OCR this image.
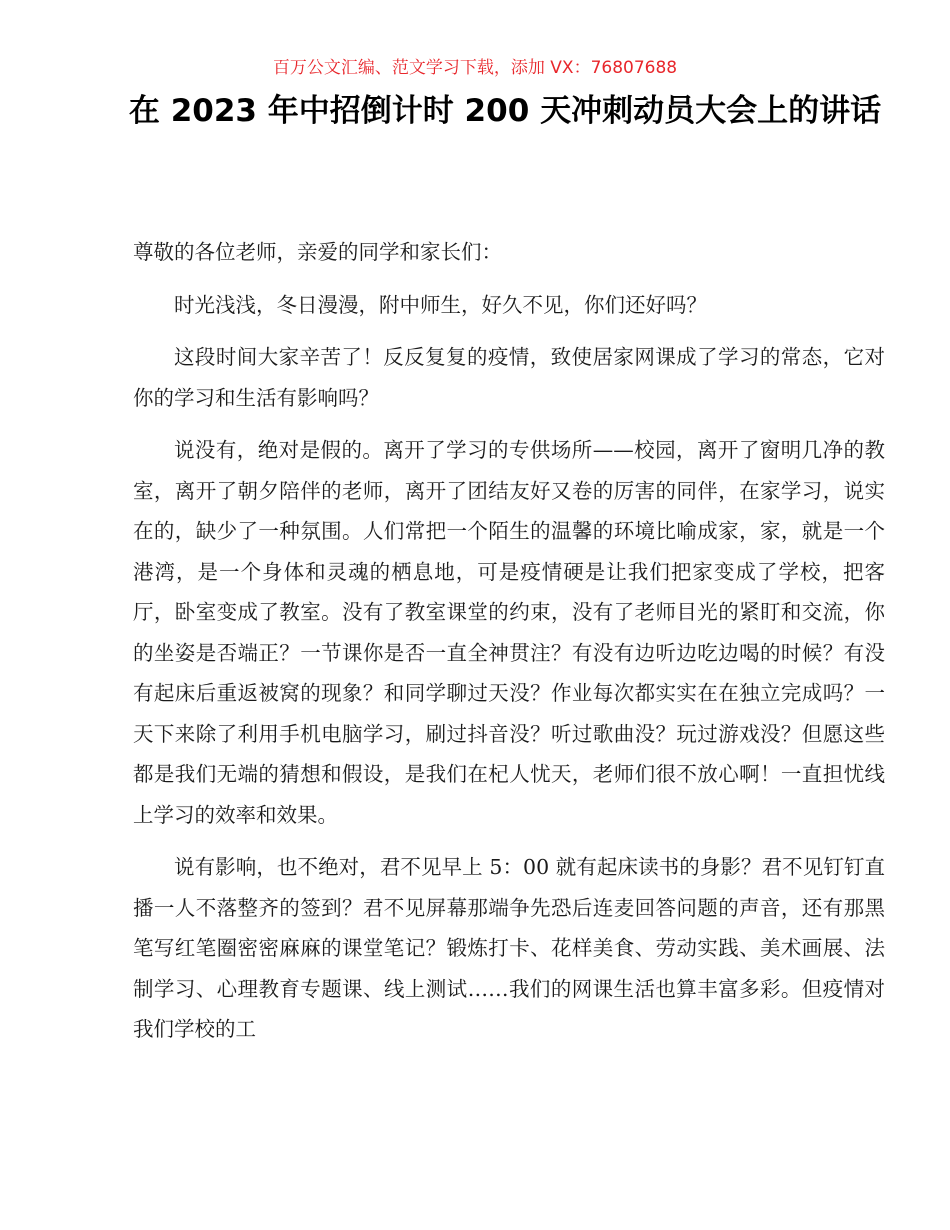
百万公文汇编、范文学习下载，添加 VX：76807688
在 2023 年中招倒计时 200 天冲刺动员大会上的讲话

尊敬的各位老师，亲爱的同学和家长们：

时光浅浅，冬日漫漫，附中师生，好久不见，你们还好吗？

这段时间大家辛苦了！反反复复的疫情，致使居家网课成了学习的常态，它对你的学习和生活有影响吗？

说没有，绝对是假的。离开了学习的专供场所——校园，离开了窗明几净的教室，离开了朝夕陪伴的老师，离开了团结友好又卷的厉害的同伴，在家学习，说实在的，缺少了一种氛围。人们常把一个陌生的温馨的环境比喻成家，家，就是一个港湾，是一个身体和灵魂的栖息地，可是疫情硬是让我们把家变成了学校，把客厅，卧室变成了教室。没有了教室课堂的约束，没有了老师目光的紧盯和交流，你的坐姿是否端正？一节课你是否一直全神贯注？有没有边听边吃边喝的时候？有没有起床后重返被窝的现象？和同学聊过天没？作业每次都实实在在独立完成吗？一天下来除了利用手机电脑学习，刷过抖音没？听过歌曲没？玩过游戏没？但愿这些都是我们无端的猜想和假设，是我们在杞人忧天，老师们很不放心啊！一直担忧线上学习的效率和效果。

说有影响，也不绝对，君不见早上 5：00 就有起床读书的身影？君不见钉钉直播一人不落整齐的签到？君不见屏幕那端争先恐后连麦回答问题的声音，还有那黑笔写红笔圈密密麻麻的课堂笔记？锻炼打卡、花样美食、劳动实践、美术画展、法制学习、心理教育专题课、线上测试……我们的网课生活也算丰富多彩。但疫情对我们学校的工
